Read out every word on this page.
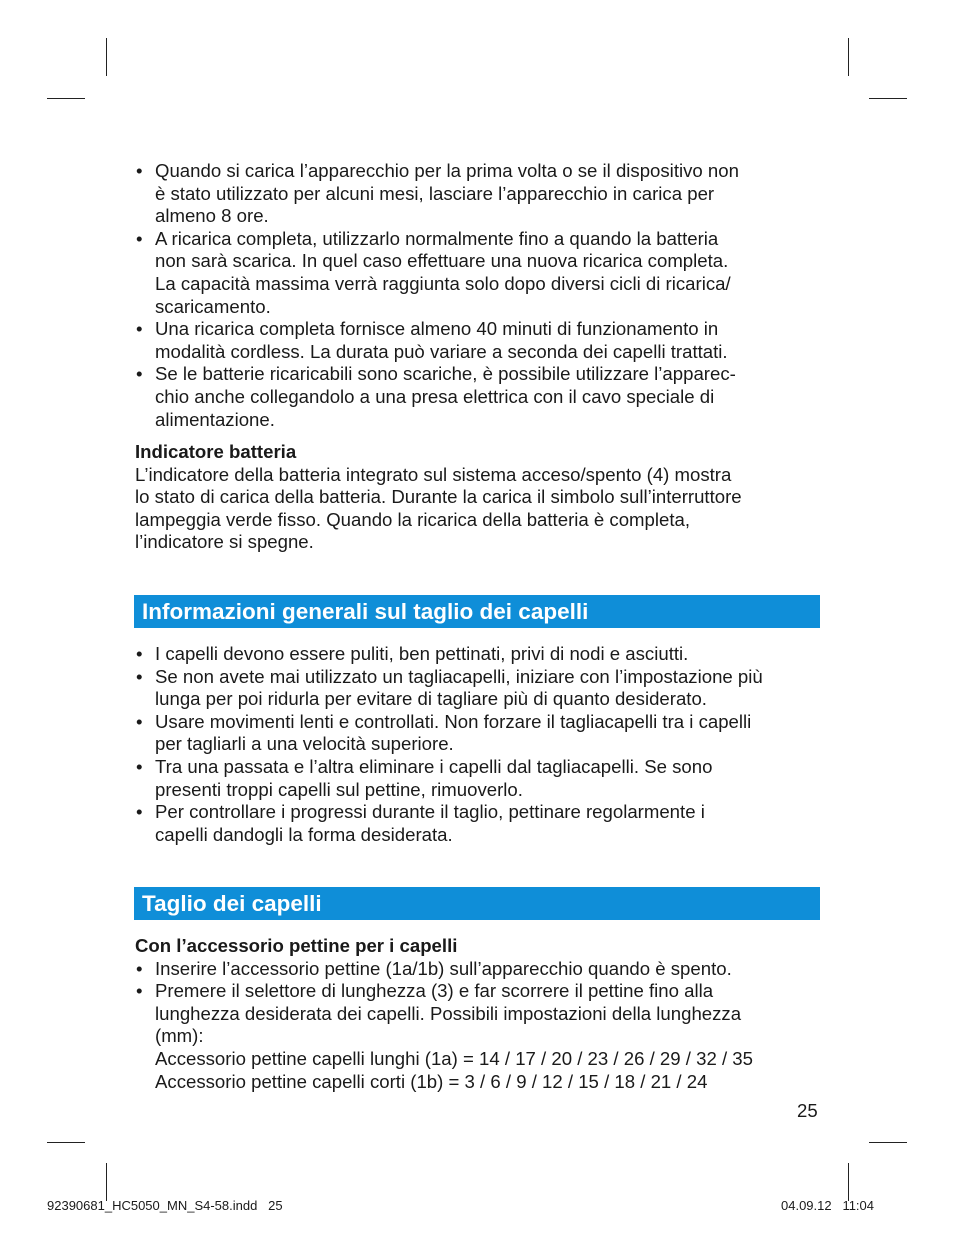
• Quando si carica l’apparecchio per la prima volta o se il dispositivo non
è stato utilizzato per alcuni mesi, lasciare l’apparecchio in carica per
almeno 8 ore.
• A ricarica completa, utilizzarlo normalmente fino a quando la batteria
non sarà scarica. In quel caso effettuare una nuova ricarica completa.
La capacità massima verrà raggiunta solo dopo diversi cicli di ricarica/
scaricamento.
• Una ricarica completa fornisce almeno 40 minuti di funzionamento in
modalità cordless. La durata può variare a seconda dei capelli trattati.
• Se le batterie ricaricabili sono scariche, è possibile utilizzare l’apparec-
chio anche collegandolo a una presa elettrica con il cavo speciale di
alimentazione.
Indicatore batteria

L’indicatore della batteria integrato sul sistema acceso/spento (4) mostra
lo stato di carica della batteria. Durante la carica il simbolo sull’interruttore
lampeggia verde fisso. Quando la ricarica della batteria è completa,
l’indicatore si spegne.

Informazioni generali sul taglio dei capelli
• I capelli devono essere puliti, ben pettinati, privi di nodi e asciutti.
• Se non avete mai utilizzato un tagliacapelli, iniziare con l’impostazione più
lunga per poi ridurla per evitare di tagliare più di quanto desiderato.
• Usare movimenti lenti e controllati. Non forzare il tagliacapelli tra i capelli
per tagliarli a una velocità superiore.
• Tra una passata e l’altra eliminare i capelli dal tagliacapelli. Se sono
presenti troppi capelli sul pettine, rimuoverlo.
• Per controllare i progressi durante il taglio, pettinare regolarmente i
capelli dandogli la forma desiderata.
Taglio dei capelli
Con l’accessorio pettine per i capelli
• Inserire l’accessorio pettine (1a/1b) sull’apparecchio quando è spento.
• Premere il selettore di lunghezza (3) e far scorrere il pettine fino alla
lunghezza desiderata dei capelli. Possibili impostazioni della lunghezza
(mm):
Accessorio pettine capelli lunghi (1a) = 14 / 17 / 20 / 23 / 26 / 29 / 32 / 35
Accessorio pettine capelli corti (1b) = 3 / 6 / 9 / 12 / 15 / 18 / 21 / 24
25
92390681_HC5050_MN_S4-58.indd   25	04.09.12   11:04
